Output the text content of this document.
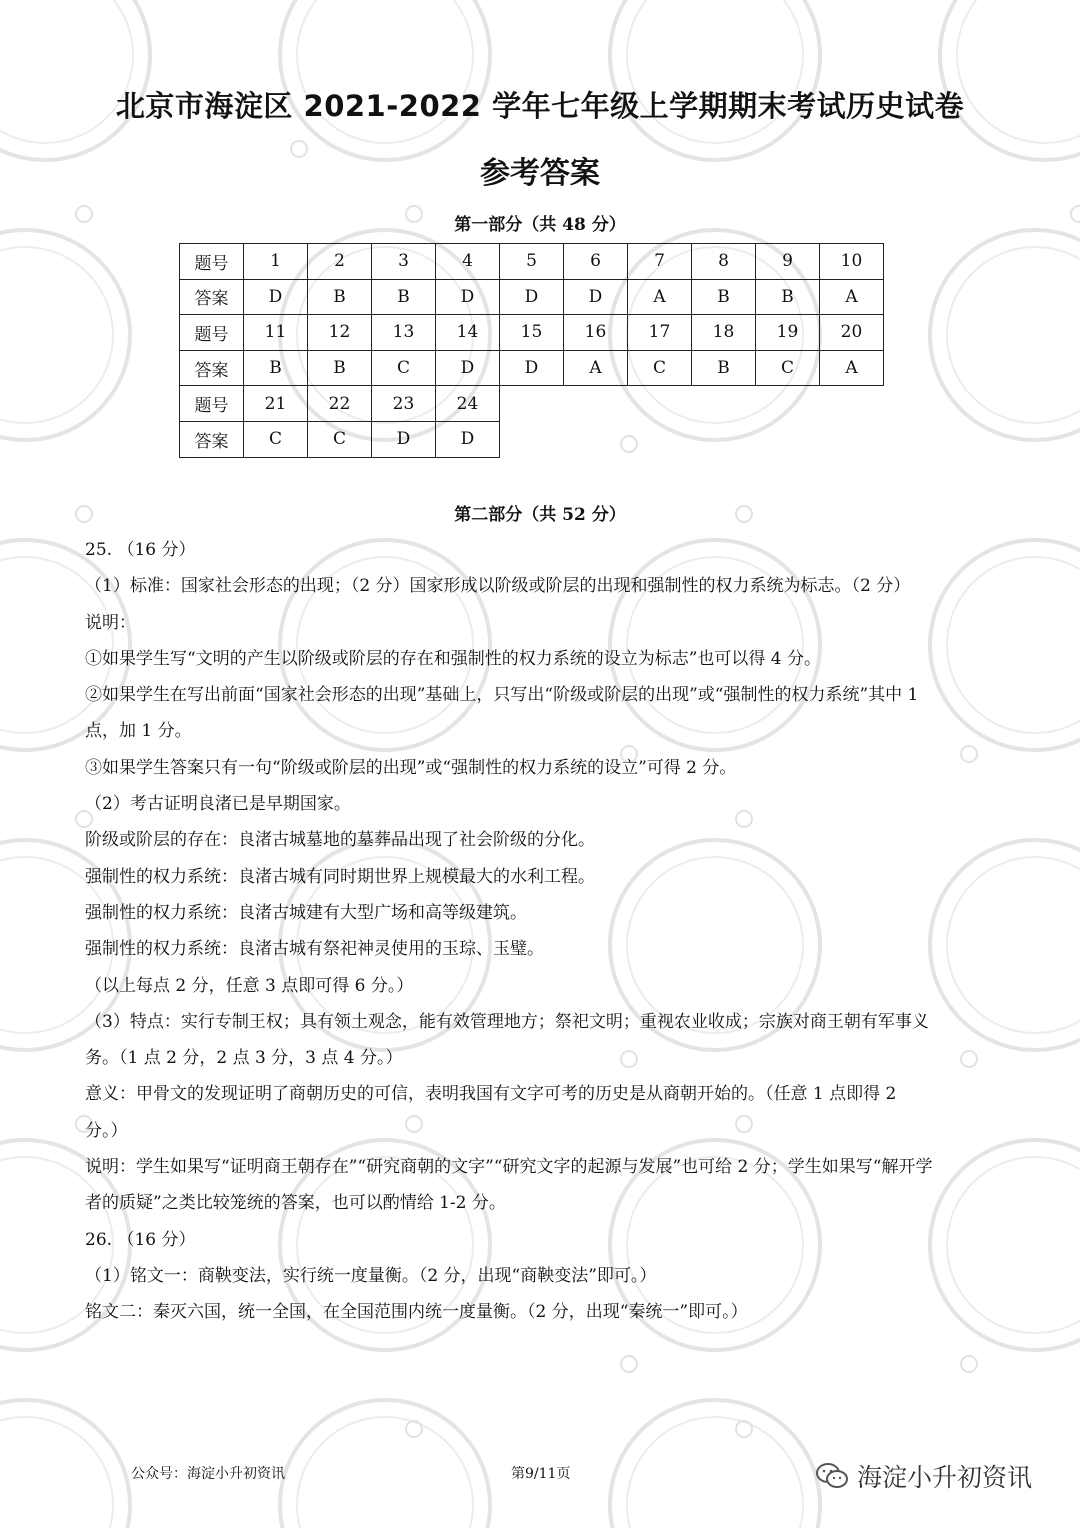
北京市海淀区 2021-2022 学年七年级上学期期末考试历史试卷
参考答案
第一部分（共 48 分）
题号	1	2	3	4	5	6	7	8	9	10
答案	D	B	B	D	D	D	A	B	B	A
题号	11	12	13	14	15	16	17	18	19	20
答案	B	B	C	D	D	A	C	B	C	A
题号	21	22	23	24						
答案	C	C	D	D						
第二部分（共 52 分）

25. （16 分）

（1）标准：国家社会形态的出现；（2 分）国家形成以阶级或阶层的出现和强制性的权力系统为标志。（2 分）

说明：

①如果学生写“文明的产生以阶级或阶层的存在和强制性的权力系统的设立为标志”也可以得 4 分。

②如果学生在写出前面“国家社会形态的出现”基础上，只写出“阶级或阶层的出现”或“强制性的权力系统”其中 1

点，加 1 分。

③如果学生答案只有一句“阶级或阶层的出现”或“强制性的权力系统的设立”可得 2 分。

（2）考古证明良渚已是早期国家。

阶级或阶层的存在：良渚古城墓地的墓葬品出现了社会阶级的分化。

强制性的权力系统：良渚古城有同时期世界上规模最大的水利工程。

强制性的权力系统：良渚古城建有大型广场和高等级建筑。

强制性的权力系统：良渚古城有祭祀神灵使用的玉琮、玉璧。

（以上每点 2 分，任意 3 点即可得 6 分。）

（3）特点：实行专制王权；具有领土观念，能有效管理地方；祭祀文明；重视农业收成；宗族对商王朝有军事义

务。（1 点 2 分，2 点 3 分，3 点 4 分。）

意义：甲骨文的发现证明了商朝历史的可信，表明我国有文字可考的历史是从商朝开始的。（任意 1 点即得 2

分。）

说明：学生如果写“证明商王朝存在”“研究商朝的文字”“研究文字的起源与发展”也可给 2 分；学生如果写“解开学

者的质疑”之类比较笼统的答案，也可以酌情给 1-2 分。

26. （16 分）

（1）铭文一：商鞅变法，实行统一度量衡。（2 分，出现“商鞅变法”即可。）

铭文二：秦灭六国，统一全国，在全国范围内统一度量衡。（2 分，出现“秦统一”即可。）

公众号：海淀小升初资讯	第9/11页	海淀小升初资讯
